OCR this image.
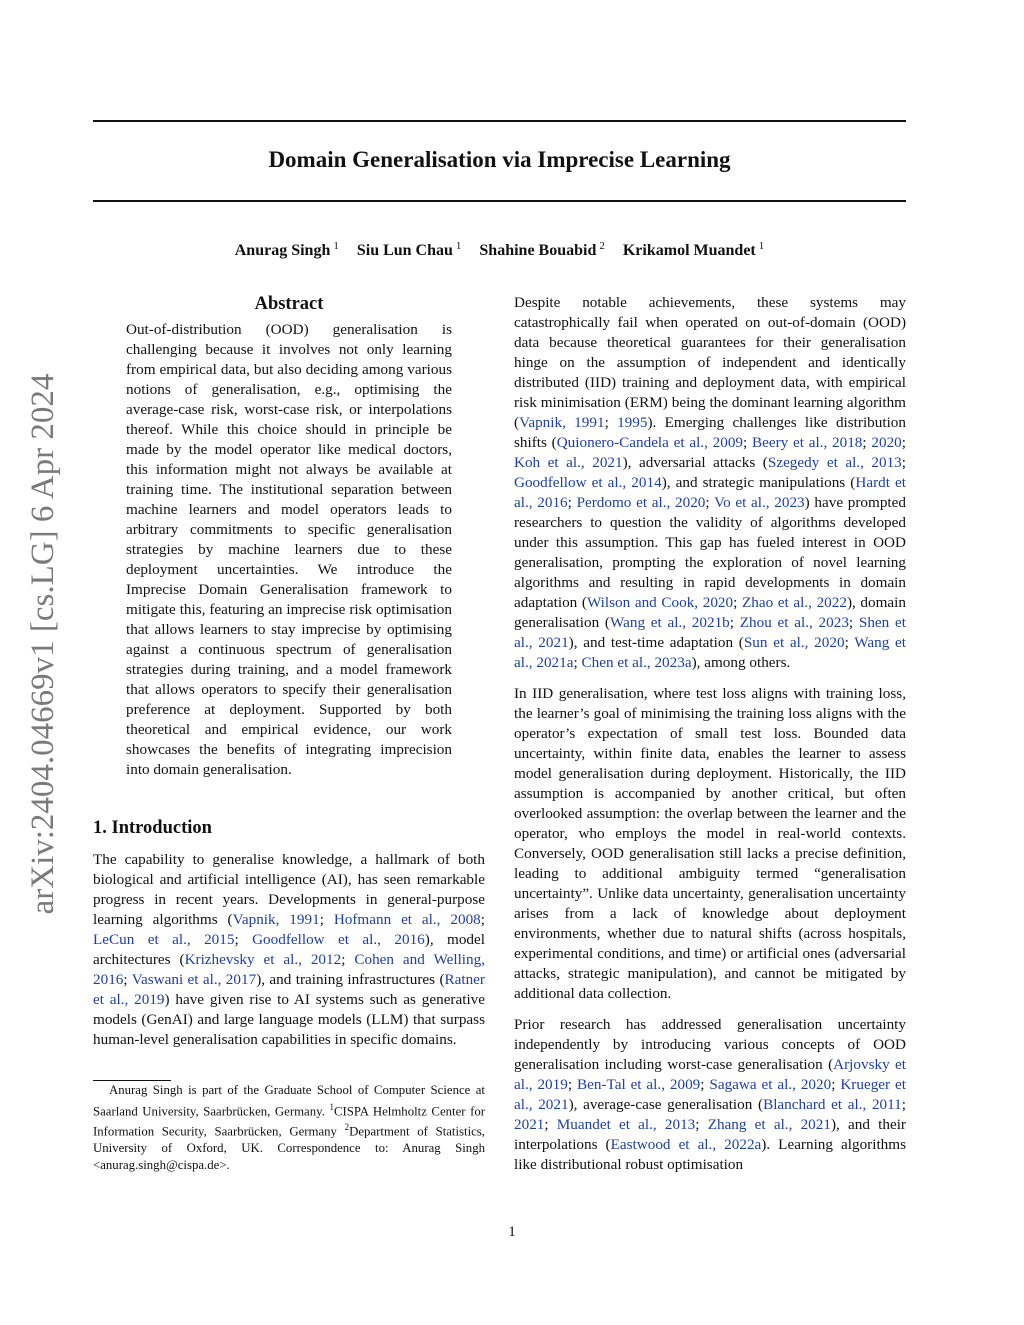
Domain Generalisation via Imprecise Learning
Anurag Singh $^1$ Siu Lun Chau $^1$ Shahine Bouabid $^2$ Krikamol Muandet $^1$
arXiv:2404.04669v1 [cs.LG] 6 Apr 2024
Abstract
Out-of-distribution (OOD) generalisation is challenging because it involves not only learning from empirical data, but also deciding among various notions of generalisation, e.g., optimising the average-case risk, worst-case risk, or interpolations thereof. While this choice should in principle be made by the model operator like medical doctors, this information might not always be available at training time. The institutional separation between machine learners and model operators leads to arbitrary commitments to specific generalisation strategies by machine learners due to these deployment uncertainties. We introduce the Imprecise Domain Generalisation framework to mitigate this, featuring an imprecise risk optimisation that allows learners to stay imprecise by optimising against a continuous spectrum of generalisation strategies during training, and a model framework that allows operators to specify their generalisation preference at deployment. Supported by both theoretical and empirical evidence, our work showcases the benefits of integrating imprecision into domain generalisation.
1. Introduction
The capability to generalise knowledge, a hallmark of both biological and artificial intelligence (AI), has seen remarkable progress in recent years. Developments in general-purpose learning algorithms (Vapnik, 1991; Hofmann et al., 2008; LeCun et al., 2015; Goodfellow et al., 2016), model architectures (Krizhevsky et al., 2012; Cohen and Welling, 2016; Vaswani et al., 2017), and training infrastructures (Ratner et al., 2019) have given rise to AI systems such as generative models (GenAI) and large language models (LLM) that surpass human-level generalisation capabilities in specific domains.

Despite notable achievements, these systems may catastrophically fail when operated on out-of-domain (OOD) data because theoretical guarantees for their generalisation hinge on the assumption of independent and identically distributed (IID) training and deployment data, with empirical risk minimisation (ERM) being the dominant learning algorithm (Vapnik, 1991; 1995). Emerging challenges like distribution shifts (Quionero-Candela et al., 2009; Beery et al., 2018; 2020; Koh et al., 2021), adversarial attacks (Szegedy et al., 2013; Goodfellow et al., 2014), and strategic manipulations (Hardt et al., 2016; Perdomo et al., 2020; Vo et al., 2023) have prompted researchers to question the validity of algorithms developed under this assumption. This gap has fueled interest in OOD generalisation, prompting the exploration of novel learning algorithms and resulting in rapid developments in domain adaptation (Wilson and Cook, 2020; Zhao et al., 2022), domain generalisation (Wang et al., 2021b; Zhou et al., 2023; Shen et al., 2021), and test-time adaptation (Sun et al., 2020; Wang et al., 2021a; Chen et al., 2023a), among others.

In IID generalisation, where test loss aligns with training loss, the learner’s goal of minimising the training loss aligns with the operator’s expectation of small test loss. Bounded data uncertainty, within finite data, enables the learner to assess model generalisation during deployment. Historically, the IID assumption is accompanied by another critical, but often overlooked assumption: the overlap between the learner and the operator, who employs the model in real-world contexts. Conversely, OOD generalisation still lacks a precise definition, leading to additional ambiguity termed “generalisation uncertainty”. Unlike data uncertainty, generalisation uncertainty arises from a lack of knowledge about deployment environments, whether due to natural shifts (across hospitals, experimental conditions, and time) or artificial ones (adversarial attacks, strategic manipulation), and cannot be mitigated by additional data collection.

Prior research has addressed generalisation uncertainty independently by introducing various concepts of OOD generalisation including worst-case generalisation (Arjovsky et al., 2019; Ben-Tal et al., 2009; Sagawa et al., 2020; Krueger et al., 2021), average-case generalisation (Blanchard et al., 2011; 2021; Muandet et al., 2013; Zhang et al., 2021), and their interpolations (Eastwood et al., 2022a). Learning algorithms like distributional robust optimisation

Anurag Singh is part of the Graduate School of Computer Science at Saarland University, Saarbrücken, Germany. $^1$CISPA Helmholtz Center for Information Security, Saarbrücken, Germany $^2$Department of Statistics, University of Oxford, UK. Correspondence to: Anurag Singh <anurag.singh@cispa.de>.
1
